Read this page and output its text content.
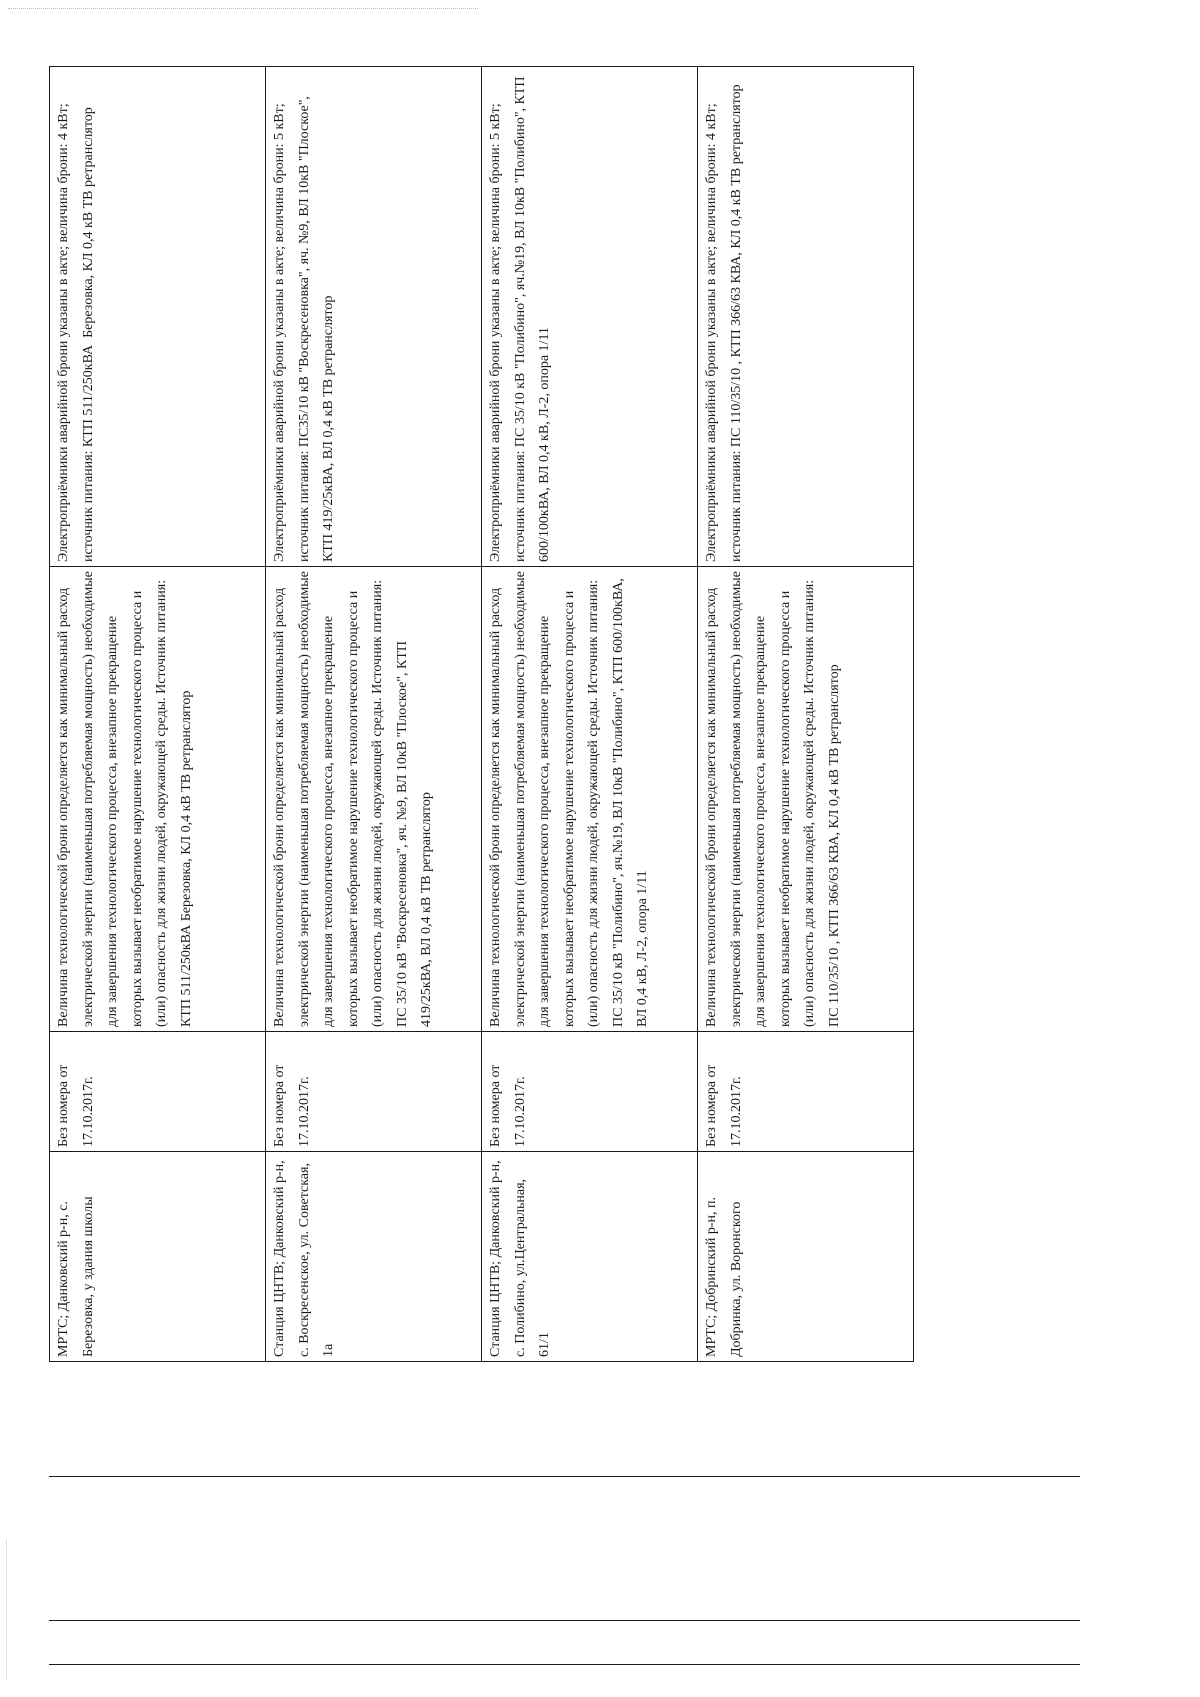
МРТС; Данковский р-н, с. Березовка, у здания школы	Без номера от 17.10.2017г.	Величина технологической брони определяется как минимальный расход электрической энергии (наименьшая потребляемая мощность) необходимые для завершения технологического процесса, внезапное прекращение которых вызывает необратимое нарушение технологического процесса и (или) опасность для жизни людей, окружающей среды. Источник питания: КТП 511/250кВА Березовка, КЛ 0,4 кВ ТВ ретранслятор	Электроприёмники аварийной брони указаны в акте; величина брони: 4 кВт; источник питания: КТП 511/250кВА  Березовка, КЛ 0,4 кВ ТВ ретранслятор

Станция ЦНТВ; Данковский р-н, с. Воскресенское, ул. Советская, 1а	Без номера от 17.10.2017г.	Величина технологической брони определяется как минимальный расход электрической энергии (наименьшая потребляемая мощность) необходимые для завершения технологического процесса, внезапное прекращение которых вызывает необратимое нарушение технологического процесса и (или) опасность для жизни людей, окружающей среды. Источник питания: ПС 35/10 кВ "Воскресеновка", яч. №9, ВЛ 10кВ "Плоское", КТП 419/25кВА, ВЛ 0,4 кВ ТВ ретранслятор	Электроприёмники аварийной брони указаны в акте; величина брони: 5 кВт; источник питания: ПС35/10 кВ "Воскресеновка", яч. №9, ВЛ 10кВ "Плоское", КТП 419/25кВА, ВЛ 0,4 кВ ТВ ретранслятор

Станция ЦНТВ; Данковский р-н, с. Полибино, ул.Центральная, 61/1	Без номера от 17.10.2017г.	Величина технологической брони определяется как минимальный расход электрической энергии (наименьшая потребляемая мощность) необходимые для завершения технологического процесса, внезапное прекращение которых вызывает необратимое нарушение технологического процесса и (или) опасность для жизни людей, окружающей среды. Источник питания: ПС 35/10 кВ "Полибино", яч.№19, ВЛ 10кВ "Полибино", КТП 600/100кВА, ВЛ 0,4 кВ, Л-2, опора 1/11	Электроприёмники аварийной брони указаны в акте; величина брони: 5 кВт; источник питания: ПС 35/10 кВ "Полибино", яч.№19, ВЛ 10кВ "Полибино", КТП 600/100кВА, ВЛ 0,4 кВ, Л-2, опора 1/11

МРТС; Добринский р-н, п. Добринка, ул. Воронского	Без номера от 17.10.2017г.	Величина технологической брони определяется как минимальный расход электрической энергии (наименьшая потребляемая мощность) необходимые для завершения технологического процесса, внезапное прекращение которых вызывает необратимое нарушение технологического процесса и (или) опасность для жизни людей, окружающей среды. Источник питания: ПС 110/35/10 , КТП 366/63 КВА, КЛ 0,4 кВ ТВ ретранслятор	Электроприёмники аварийной брони указаны в акте; величина брони: 4 кВт; источник питания: ПС 110/35/10 , КТП 366/63 КВА, КЛ 0,4 кВ ТВ ретранслятор
